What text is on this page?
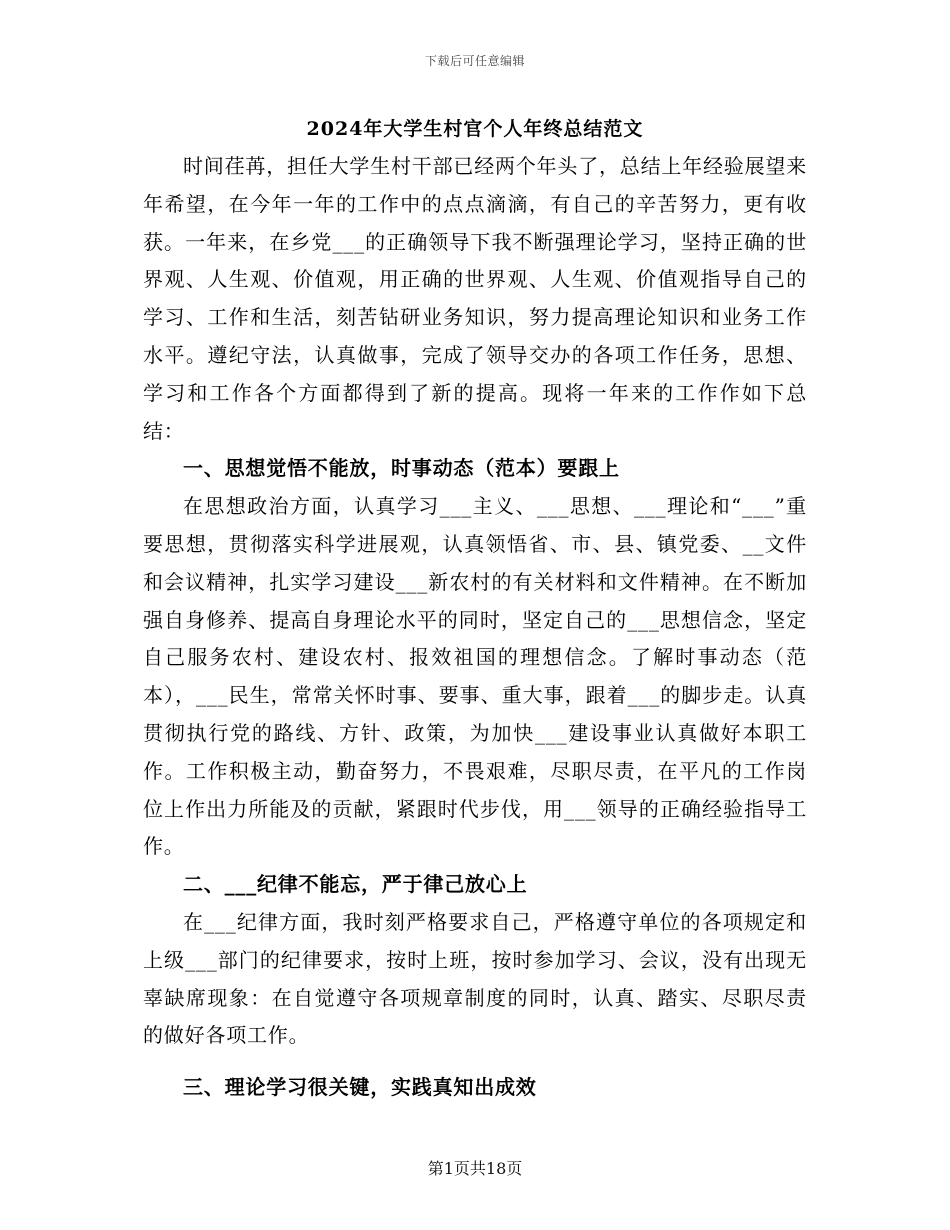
下载后可任意编辑
2024年大学生村官个人年终总结范文

时间荏苒，担任大学生村干部已经两个年头了，总结上年经验展望来年希望，在今年一年的工作中的点点滴滴，有自己的辛苦努力，更有收获。一年来，在乡党___的正确领导下我不断强理论学习，坚持正确的世界观、人生观、价值观，用正确的世界观、人生观、价值观指导自己的学习、工作和生活，刻苦钻研业务知识，努力提高理论知识和业务工作水平。遵纪守法，认真做事，完成了领导交办的各项工作任务，思想、学习和工作各个方面都得到了新的提高。现将一年来的工作作如下总结：

一、思想觉悟不能放，时事动态（范本）要跟上

在思想政治方面，认真学习___主义、___思想、___理论和“___”重要思想，贯彻落实科学进展观，认真领悟省、市、县、镇党委、__文件和会议精神，扎实学习建设___新农村的有关材料和文件精神。在不断加强自身修养、提高自身理论水平的同时，坚定自己的___思想信念，坚定自己服务农村、建设农村、报效祖国的理想信念。了解时事动态（范本），___民生，常常关怀时事、要事、重大事，跟着___的脚步走。认真贯彻执行党的路线、方针、政策，为加快___建设事业认真做好本职工作。工作积极主动，勤奋努力，不畏艰难，尽职尽责，在平凡的工作岗位上作出力所能及的贡献，紧跟时代步伐，用___领导的正确经验指导工作。

二、___纪律不能忘，严于律己放心上

在___纪律方面，我时刻严格要求自己，严格遵守单位的各项规定和上级___部门的纪律要求，按时上班，按时参加学习、会议，没有出现无辜缺席现象：在自觉遵守各项规章制度的同时，认真、踏实、尽职尽责的做好各项工作。

三、理论学习很关键，实践真知出成效

第1页共18页
